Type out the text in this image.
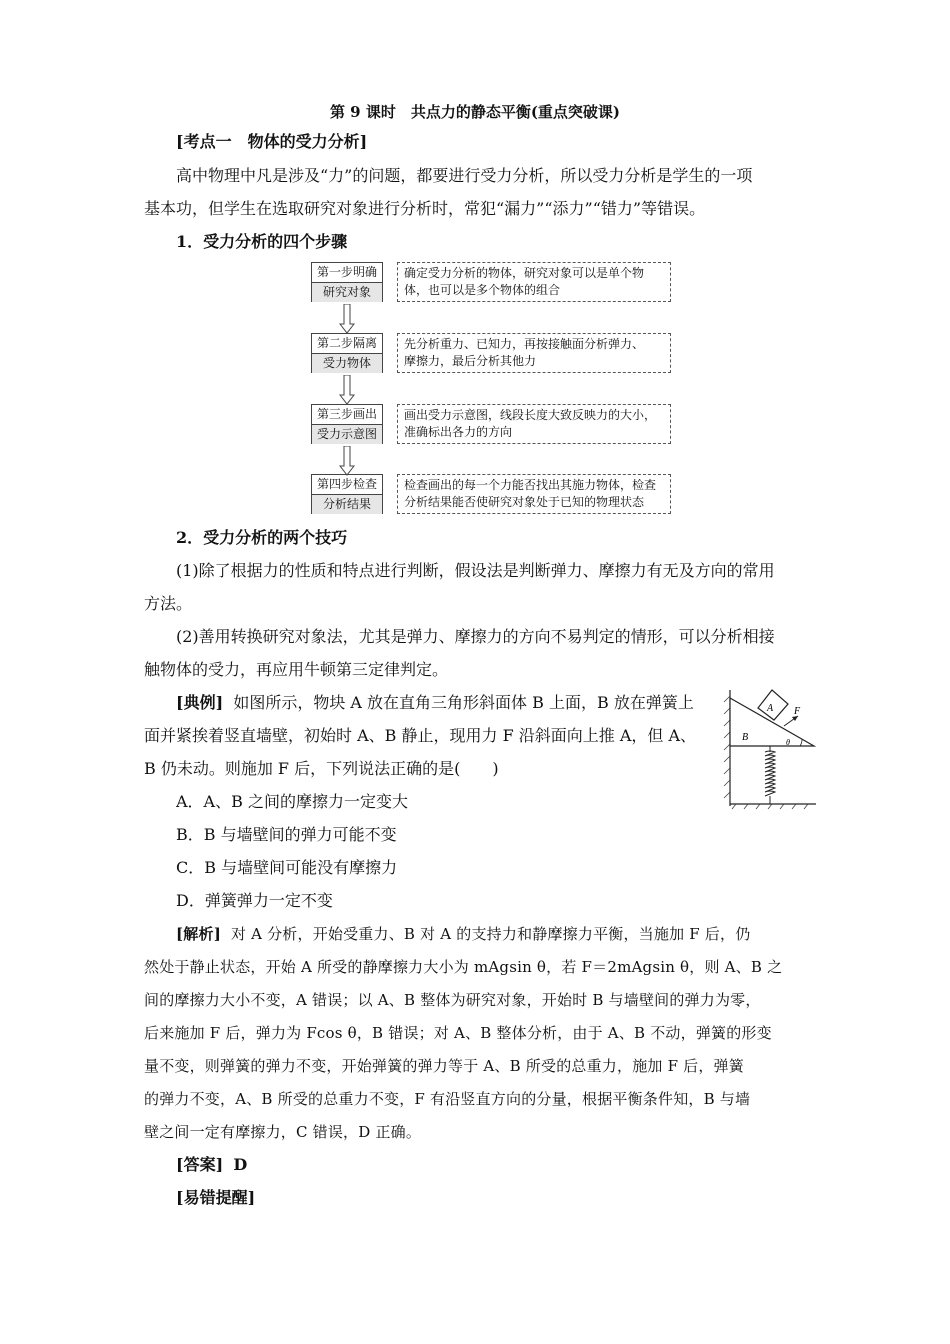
第 9 课时　共点力的静态平衡(重点突破课)
[考点一　物体的受力分析]
高中物理中凡是涉及“力”的问题，都要进行受力分析，所以受力分析是学生的一项
基本功，但学生在选取研究对象进行分析时，常犯“漏力”“添力”“错力”等错误。
1．受力分析的四个步骤
第一步明确
研究对象
确定受力分析的物体，研究对象可以是单个物
体，也可以是多个物体的组合
第二步隔离
受力物体
先分析重力、已知力，再按接触面分析弹力、
摩擦力，最后分析其他力
第三步画出
受力示意图
画出受力示意图，线段长度大致反映力的大小，
准确标出各力的方向
第四步检查
分析结果
检查画出的每一个力能否找出其施力物体，检查
分析结果能否使研究对象处于已知的物理状态
2．受力分析的两个技巧
(1)除了根据力的性质和特点进行判断，假设法是判断弹力、摩擦力有无及方向的常用
方法。
(2)善用转换研究对象法，尤其是弹力、摩擦力的方向不易判定的情形，可以分析相接
触物体的受力，再应用牛顿第三定律判定。
[典例] 如图所示，物块 A 放在直角三角形斜面体 B 上面，B 放在弹簧上
面并紧挨着竖直墙壁，初始时 A、B 静止，现用力 F 沿斜面向上推 A，但 A、
B 仍未动。则施加 F 后，下列说法正确的是(　　)
A
B
F
θ
A．A、B 之间的摩擦力一定变大
B．B 与墙壁间的弹力可能不变
C．B 与墙壁间可能没有摩擦力
D．弹簧弹力一定不变
[解析] 对 A 分析，开始受重力、B 对 A 的支持力和静摩擦力平衡，当施加 F 后，仍
然处于静止状态，开始 A 所受的静摩擦力大小为 mAgsin θ，若 F＝2mAgsin θ，则 A、B 之
间的摩擦力大小不变，A 错误；以 A、B 整体为研究对象，开始时 B 与墙壁间的弹力为零，
后来施加 F 后，弹力为 Fcos θ，B 错误；对 A、B 整体分析，由于 A、B 不动，弹簧的形变
量不变，则弹簧的弹力不变，开始弹簧的弹力等于 A、B 所受的总重力，施加 F 后，弹簧
的弹力不变，A、B 所受的总重力不变，F 有沿竖直方向的分量，根据平衡条件知，B 与墙
壁之间一定有摩擦力，C 错误，D 正确。
[答案] D
[易错提醒]
